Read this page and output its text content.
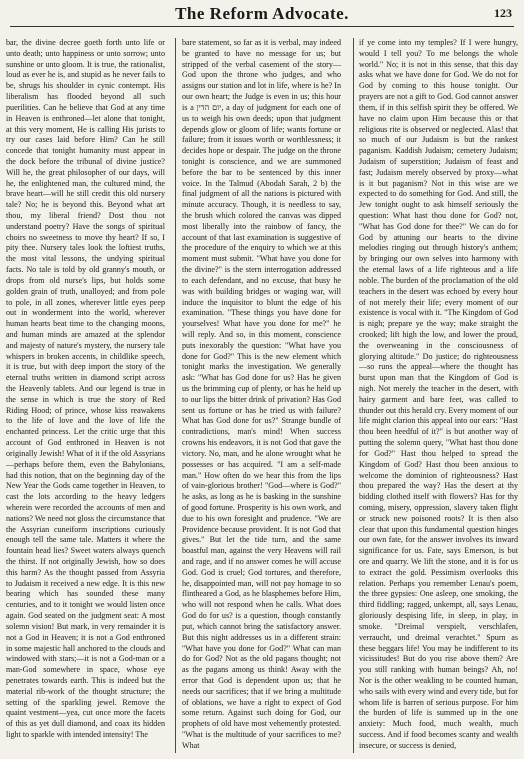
The Reform Advocate.	123

bar, the divine decree goeth forth unto life or unto death; unto happiness or unto sorrow; unto sunshine or unto gloom. It is true, the rationalist, loud as ever he is, and stupid as he never fails to be, shrugs his shoulder in cynic contempt. His liberalism has flooded beyond all such puerilities. Can he believe that God at any time in Heaven is enthroned—let alone that tonight, at this very moment, He is calling His jurists to try our cases laid before Him? Can he still concede that tonight humanity must appear in the dock before the tribunal of divine justice? Will he, the great philosopher of our days, will he, the enlightened man, the cultured mind, the brave heart—will he still credit this old nursery tale? No; he is beyond this. Beyond what art thou, my liberal friend? Dost thou not understand poetry? Have the songs of spiritual choirs no sweetness to move thy heart? If so, I pity thee. Nursery tales look the loftiest truths, the most vital lessons, the undying spiritual facts. No tale is told by old granny's mouth, or drops from old nurse's lips, but holds some golden grain of truth, unalloyed; and from pole to pole, in all zones, wherever little eyes peep out in wonderment into the world, wherever human hearts beat time to the changing moons, and human minds are amazed at the splendor and majesty of nature's mystery, the nursery tale whispers in broken accents, in childlike speech, it is true, but with deep import the story of the eternal truths written in diamond script across the Heavenly tablets. And our legend is true in the sense in which is true the story of Red Riding Hood; of prince, whose kiss reawakens to the life of love and the love of life the enchanted princess. Let the critic urge that this account of God enthroned in Heaven is not originally Jewish! What of it if the old Assyrians—perhaps before them, even the Babylonians, had this notion, that on the beginning day of the New Year the Gods came together in Heaven, to cast the lots according to the heavy ledgers wherein were recorded the accounts of men and nations? We need not gloss the circumstance that the Assyrian cuneiform inscriptions curiously enough tell the same tale. Matters it where the fountain head lies? Sweet waters always quench the thirst. If not originally Jewish, how so does this harm? As the thought passed from Assyria to Judaism it received a new edge. It is this new bearing which has sounded these many centuries, and to it tonight we would listen once again. God seated on the judgment seat: A most solemn vision! But mark, in very remainder it is not a God in Heaven; it is not a God enthroned in some majestic hall anchored to the clouds and windowed with stars;—it is not a God-man or a man-God somewhere in space, whose eye penetrates towards earth. This is indeed but the material rib-work of the thought structure; the setting of the sparkling jewel. Remove the quaint vestment—yea, cut once more the facets of this as yet dull diamond, and coax its hidden light to sparkle with intended intensity! The

bare statement, so far as it is verbal, may indeed be granted to have no message for us; but stripped of the verbal casement of the story—God upon the throne who judges, and who assigns our station and lot in life, where is he? In our own heart; the Judge is even in us; this hour is a יום הדין, a day of judgment for each one of us to weigh his own deeds; upon that judgment depends glow or gloom of life; wants fortune or failure; from it issues worth or worthlessness; it decides hope or despair. The judge on the throne tonight is conscience, and we are summoned before the bar to be sentenced by this inner voice. In the Talmud (Abodah Sarah, 2 b) the final judgment of all the nations is pictured with minute accuracy. Though, it is needless to say, the brush which colored the canvas was dipped most liberally into the rainbow of fancy, the account of that last examination is suggestive of the procedure of the enquiry to which we at this moment must submit. "What have you done for the divine?" is the stern interrogation addressed to each defendant, and no excuse, that busy he was with building bridges or waging war, will induce the inquisitor to blunt the edge of his examination. "These things you have done for yourselves! What have you done for me?" he will reply. And so, in this moment, conscience puts inexorably the question: "What have you done for God?" This is the new element which tonight marks the investigation. We generally ask: "What has God done for us? Has he given us the brimming cup of plenty, or has he held up to our lips the bitter drink of privation? Has God sent us fortune or has he tried us with failure? What has God done for us?" Strange bundle of contradictions, man's mind! When success crowns his endeavors, it is not God that gave the victory. No, man, and he alone wrought what he possesses or has acquired. "I am a self-made man." How often do we hear this from the lips of vain-glorious brother! "God—where is God?" he asks, as long as he is basking in the sunshine of good fortune. Prosperity is his own work, and due to his own foresight and prudence. "We are Providence because provident. It is not God that gives." But let the tide turn, and the same boastful man, against the very Heavens will rail and rage, and if no answer comes he will accuse God. God is cruel; God tortures, and therefore, he, disappointed man, will not pay homage to so flintheared a God, as he blasphemes before Him, who will not respond when he calls. What does God do for us? is a question, though constantly put, which cannot bring the satisfactory answer. But this night addresses us in a different strain: "What have you done for God?" What can man do for God? Not as the old pagans thought; not as the pagans among us think! Away with the error that God is dependent upon us; that he needs our sacrifices; that if we bring a multitude of oblations, we have a right to expect of God some return. Against such doing for God, our prophets of old have most vehemently protested. "What is the multitude of your sacrifices to me? What

if ye come into my temples? If I were hungry, would I tell you? To me belongs the whole world." No; it is not in this sense, that this day asks what we have done for God. We do not for God by coming to this house tonight. Our prayers are not a gift to God. God cannot answer them, if in this selfish spirit they be offered. We have no claim upon Him because this or that religious rite is observed or neglected. Alas! that so much of our Judaism is but the rankest paganism. Kaddish Judaism; cemetery Judaism; Judaism of superstition; Judaism of feast and fast; Judaism merely observed by proxy—what is it but paganism? Not in this wise are we expected to do something for God. And still, the Jew tonight ought to ask himself seriously the question: What hast thou done for God? not, "What has God done for thee?" We can do for God by attuning our hearts to the divine melodies ringing out through history's anthem; by bringing our own selves into harmony with the eternal laws of a life righteous and a life noble. The burden of the proclamation of the old teachers in the desert was echoed by every hour of not merely their life; every moment of our existence is vocal with it. "The Kingdom of God is nigh; prepare ye the way; make straight the crooked; lift high the low, and lower the proud, the overweaning in the consciousness of glorying altitude." Do justice; do righteousness—so runs the appeal—where the thought has burst upon man that the Kingdom of God is nigh. Not merely the teacher in the desert, with hairy garment and bare feet, was called to thunder out this herald cry. Every moment of our life might clarion this appeal into our ears: "Hast thou been heedful of it?" is but another way of putting the solemn query, "What hast thou done for God?" Hast thou helped to spread the Kingdom of God? Hast thou been anxious to welcome the dominion of righteousness? Hast thou prepared the way? Has the desert at thy bidding clothed itself with flowers? Has for thy coming, misery, oppression, slavery taken flight or struck new poisoned roots? It is then also clear that upon this fundamental question hinges our own fate, for the answer involves its inward significance for us. Fate, says Emerson, is but ore and quarry. We lift the stone, and it is for us to extract the gold. Pessimism overlooks this relation. Perhaps you remember Lenau's poem, the three gypsies: One asleep, one smoking, the third fiddling; ragged, unkempt, all, says Lenau, gloriously despising life, in sleep, in play, in smoke. "Dreimal verspielt, verschlafen, verraucht, und dreimal verachtet." Spurn as these beggars life! You may be indifferent to its vicissitudes! But do you rise above them? Are you still ranking with human beings? Ah, no! Nor is the other weakling to be counted human, who sails with every wind and every tide, but for whom life is barren of serious purpose. For him the burden of life is summed up in the one anxiety: Much food, much wealth, much success. And if food becomes scanty and wealth insecure, or success is denied,
